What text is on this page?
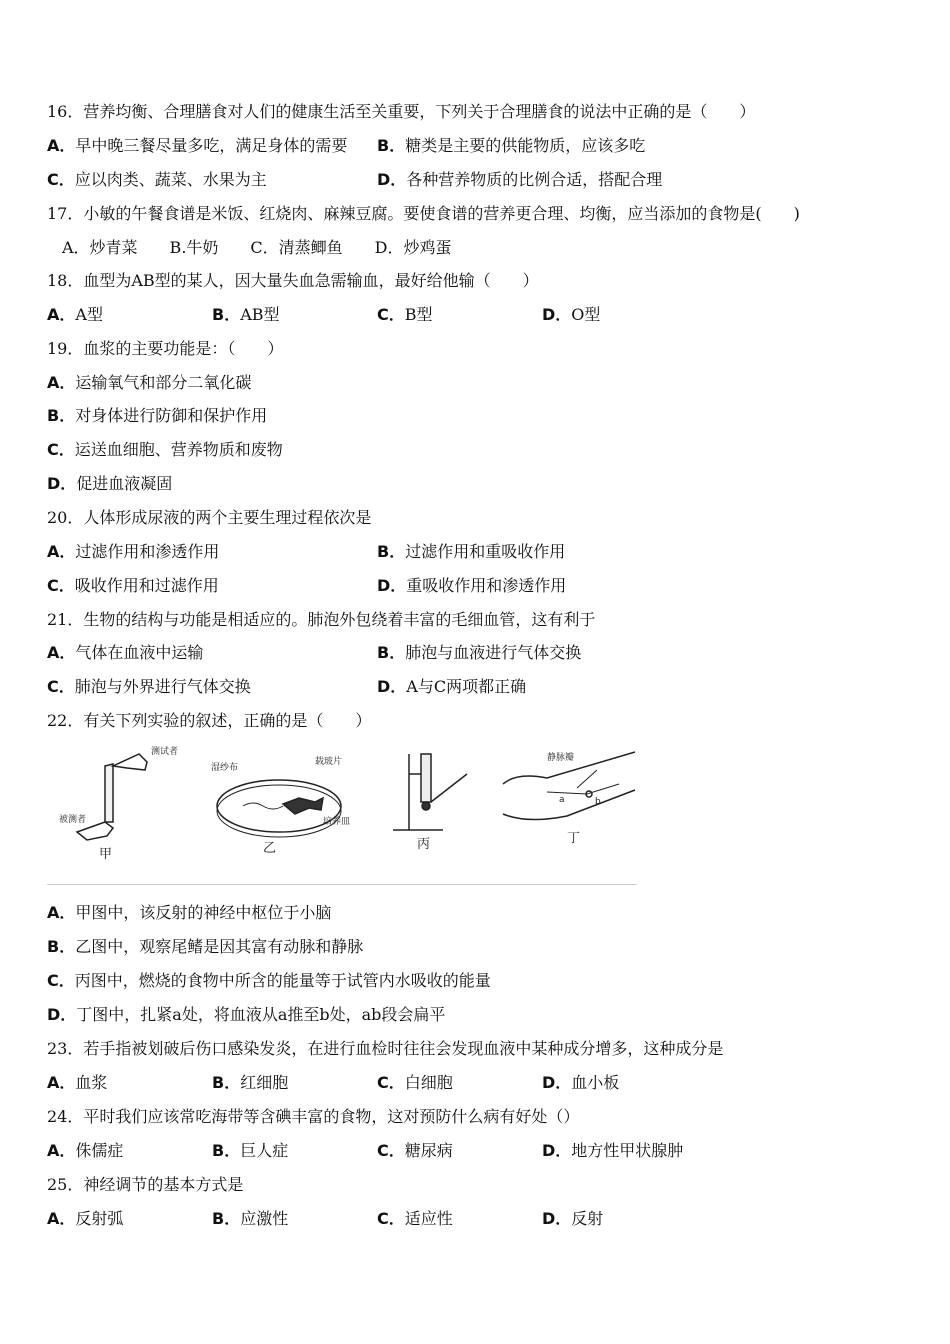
16．营养均衡、合理膳食对人们的健康生活至关重要，下列关于合理膳食的说法中正确的是（　　）
A．早中晚三餐尽量多吃，满足身体的需要 B．糖类是主要的供能物质，应该多吃
C．应以肉类、蔬菜、水果为主	D．各种营养物质的比例合适，搭配合理
17．小敏的午餐食谱是米饭、红烧肉、麻辣豆腐。要使食谱的营养更合理、均衡，应当添加的食物是(　　)
A．炒青菜　　B.牛奶　　C．清蒸鲫鱼　　D．炒鸡蛋
18．血型为AB型的某人，因大量失血急需输血，最好给他输（　　）
A．A型	B．AB型	C．B型	D．O型
19．血浆的主要功能是：（　　）
A．运输氧气和部分二氧化碳
B．对身体进行防御和保护作用
C．运送血细胞、营养物质和废物
D．促进血液凝固
20．人体形成尿液的两个主要生理过程依次是
A．过滤作用和渗透作用	B．过滤作用和重吸收作用
C．吸收作用和过滤作用	D．重吸收作用和渗透作用
21．生物的结构与功能是相适应的。肺泡外包绕着丰富的毛细血管，这有利于
A．气体在血液中运输	B．肺泡与血液进行气体交换
C．肺泡与外界进行气体交换	D．A与C两项都正确
22．有关下列实验的叙述，正确的是（　　）
测试者
被测者
甲
湿纱布
载玻片
培养皿
乙	丙
静脉瓣
a	b
丁
A．甲图中，该反射的神经中枢位于小脑
B．乙图中，观察尾鳍是因其富有动脉和静脉
C．丙图中，燃烧的食物中所含的能量等于试管内水吸收的能量
D．丁图中，扎紧a处，将血液从a推至b处，ab段会扁平
23．若手指被划破后伤口感染发炎，在进行血检时往往会发现血液中某种成分增多，这种成分是
A．血浆	B．红细胞	C．白细胞	D．血小板
24．平时我们应该常吃海带等含碘丰富的食物，这对预防什么病有好处（）
A．侏儒症	B．巨人症	C．糖尿病	D．地方性甲状腺肿
25．神经调节的基本方式是
A．反射弧	B．应激性	C．适应性	D．反射
